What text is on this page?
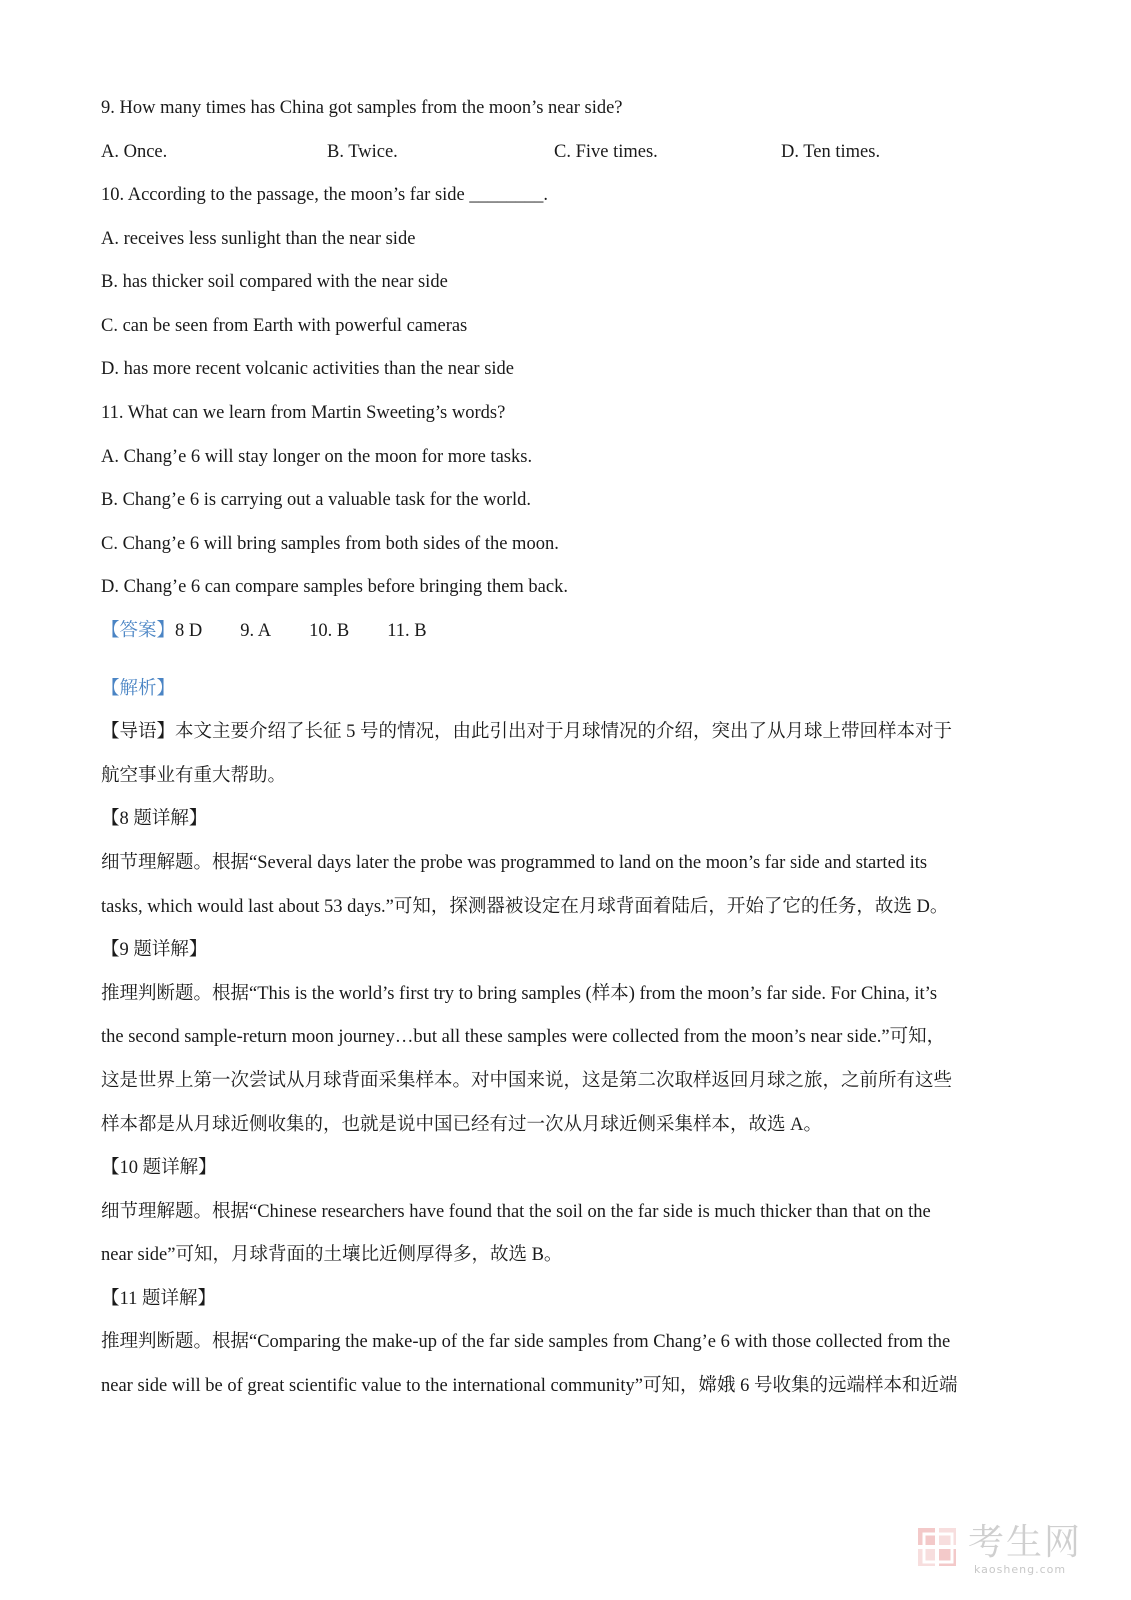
9. How many times has China got samples from the moon’s near side?
A. Once.	B. Twice.	C. Five times.	D. Ten times.
10. According to the passage, the moon’s far side ________.
A. receives less sunlight than the near side
B. has thicker soil compared with the near side
C. can be seen from Earth with powerful cameras
D. has more recent volcanic activities than the near side
11. What can we learn from Martin Sweeting’s words?
A. Chang’e 6 will stay longer on the moon for more tasks.
B. Chang’e 6 is carrying out a valuable task for the world.
C. Chang’e 6 will bring samples from both sides of the moon.
D. Chang’e 6 can compare samples before bringing them back.
【答案】8 D 9. A 10. B 11. B
【解析】
【导语】本文主要介绍了长征 5 号的情况，由此引出对于月球情况的介绍，突出了从月球上带回样本对于
航空事业有重大帮助。
【8 题详解】
细节理解题。根据“Several days later the probe was programmed to land on the moon’s far side and started its
tasks, which would last about 53 days.”可知，探测器被设定在月球背面着陆后，开始了它的任务，故选 D。
【9 题详解】
推理判断题。根据“This is the world’s first try to bring samples (样本) from the moon’s far side. For China, it’s
the second sample-return moon journey…but all these samples were collected from the moon’s near side.”可知，
这是世界上第一次尝试从月球背面采集样本。对中国来说，这是第二次取样返回月球之旅，之前所有这些
样本都是从月球近侧收集的，也就是说中国已经有过一次从月球近侧采集样本，故选 A。
【10 题详解】
细节理解题。根据“Chinese researchers have found that the soil on the far side is much thicker than that on the
near side”可知，月球背面的土壤比近侧厚得多，故选 B。
【11 题详解】
推理判断题。根据“Comparing the make-up of the far side samples from Chang’e 6 with those collected from the
near side will be of great scientific value to the international community”可知，嫦娥 6 号收集的远端样本和近端
考生网
kaosheng.com
